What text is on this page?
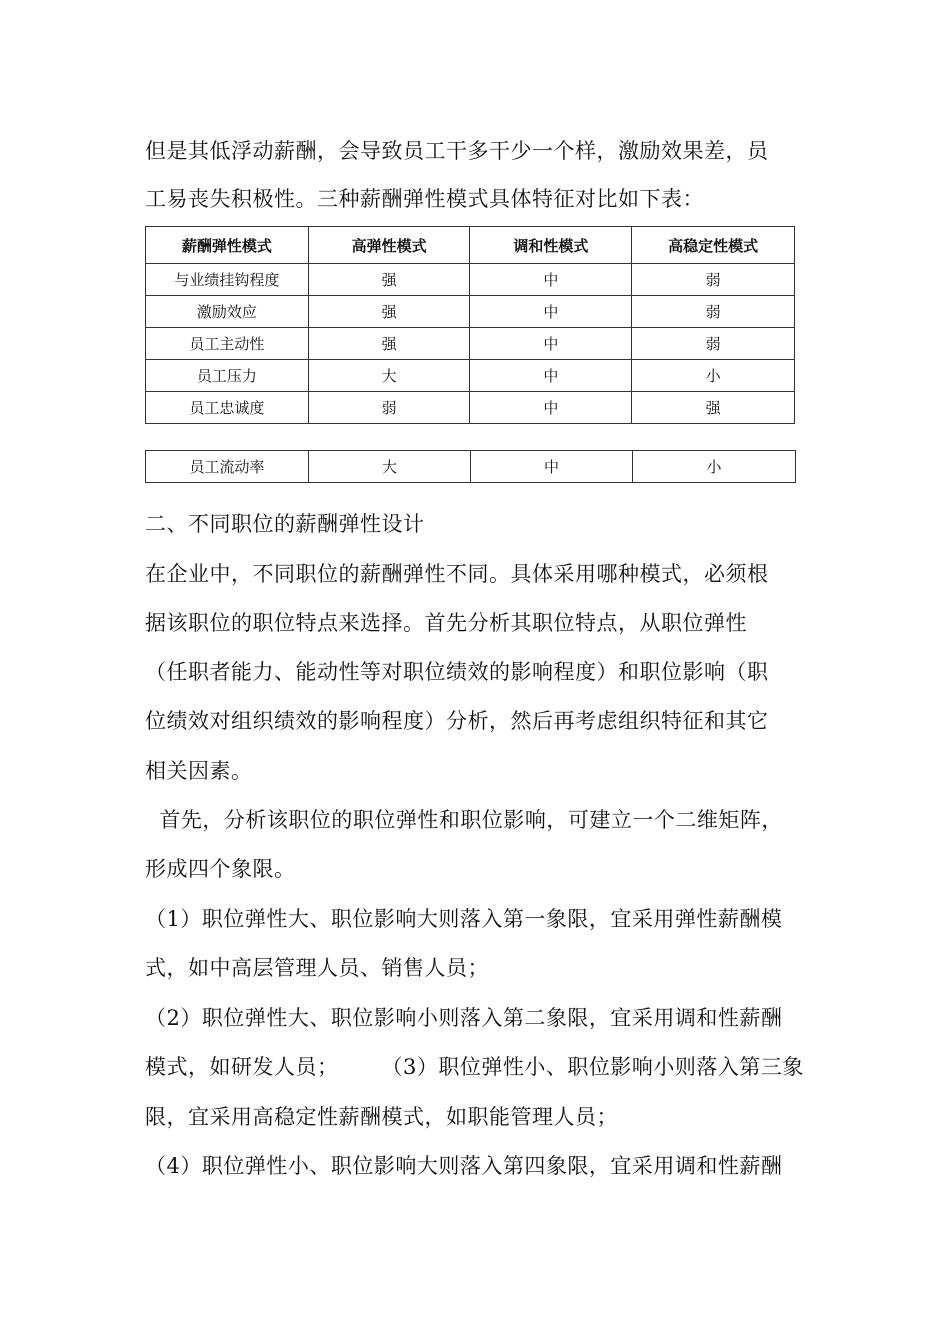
但是其低浮动薪酬，会导致员工干多干少一个样，激励效果差，员
工易丧失积极性。三种薪酬弹性模式具体特征对比如下表：
薪酬弹性模式	高弹性模式	调和性模式	高稳定性模式
与业绩挂钩程度	强	中	弱
激励效应	强	中	弱
员工主动性	强	中	弱
员工压力	大	中	小
员工忠诚度	弱	中	强
员工流动率	大	中	小
二、不同职位的薪酬弹性设计
在企业中，不同职位的薪酬弹性不同。具体采用哪种模式，必须根
据该职位的职位特点来选择。首先分析其职位特点，从职位弹性
（任职者能力、能动性等对职位绩效的影响程度）和职位影响（职
位绩效对组织绩效的影响程度）分析，然后再考虑组织特征和其它
相关因素。
首先，分析该职位的职位弹性和职位影响，可建立一个二维矩阵，
形成四个象限。
（1）职位弹性大、职位影响大则落入第一象限，宜采用弹性薪酬模
式，如中高层管理人员、销售人员；
（2）职位弹性大、职位影响小则落入第二象限，宜采用调和性薪酬
模式，如研发人员；      （3）职位弹性小、职位影响小则落入第三象
限，宜采用高稳定性薪酬模式，如职能管理人员；
（4）职位弹性小、职位影响大则落入第四象限，宜采用调和性薪酬
